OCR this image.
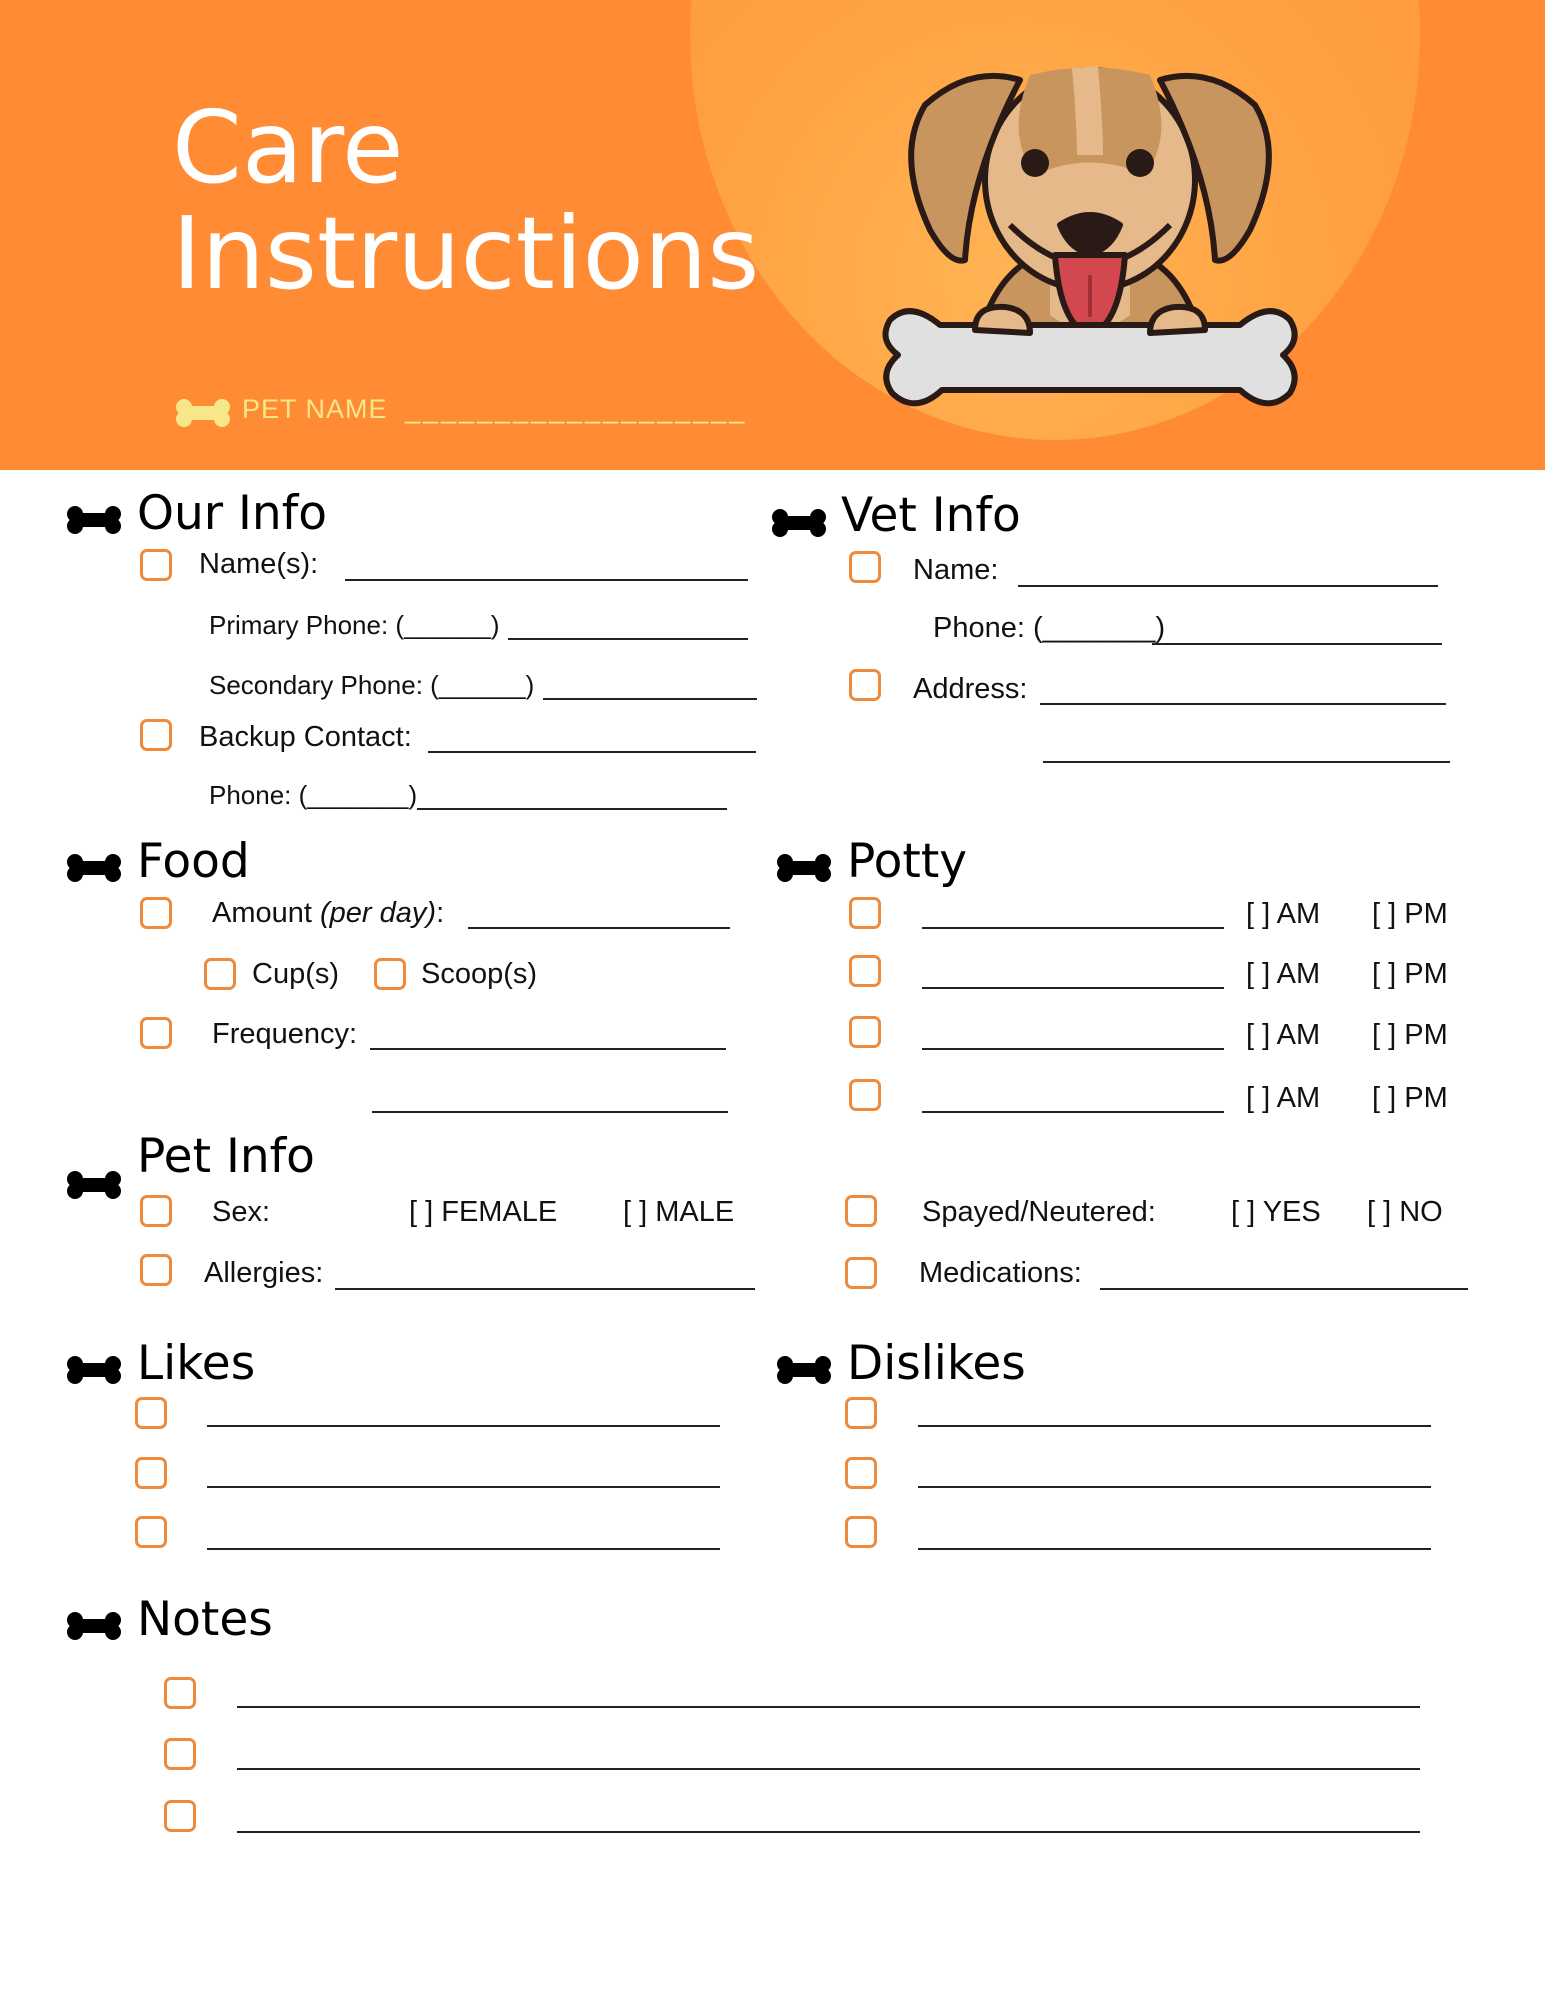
Care
Instructions
PET NAME ___________________
Our Info
Name(s):
Primary Phone: (______)
Secondary Phone: (______)
Backup Contact:
Phone: (_______)
Vet Info
Name:
Phone: (_______)
Address:
Food
Amount (per day):
Cup(s)	Scoop(s)
Frequency:
Potty
[ ] AM [ ] PM
[ ] AM [ ] PM
[ ] AM [ ] PM
[ ] AM [ ] PM
Pet Info
Sex:	[ ] FEMALE [ ] MALE	Spayed/Neutered:	[ ] YES [ ] NO
Allergies:	Medications:
Likes	Dislikes
Notes
